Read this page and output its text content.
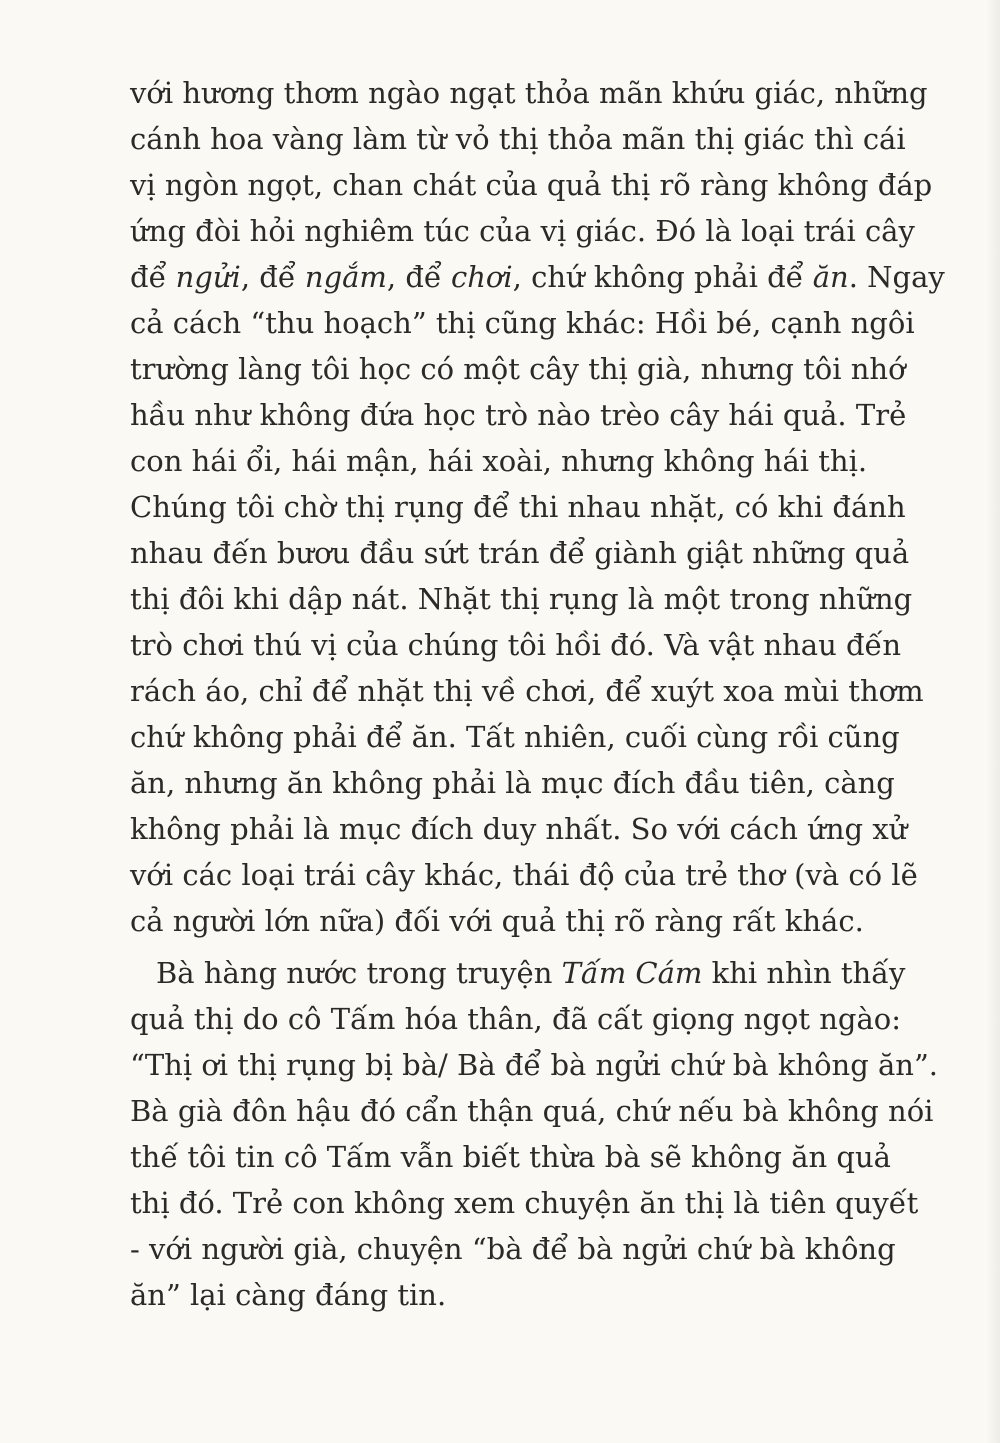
với hương thơm ngào ngạt thỏa mãn khứu giác, những
cánh hoa vàng làm từ vỏ thị thỏa mãn thị giác thì cái
vị ngòn ngọt, chan chát của quả thị rõ ràng không đáp
ứng đòi hỏi nghiêm túc của vị giác. Đó là loại trái cây
để ngửi, để ngắm, để chơi, chứ không phải để ăn. Ngay
cả cách “thu hoạch” thị cũng khác: Hồi bé, cạnh ngôi
trường làng tôi học có một cây thị già, nhưng tôi nhớ
hầu như không đứa học trò nào trèo cây hái quả. Trẻ
con hái ổi, hái mận, hái xoài, nhưng không hái thị.
Chúng tôi chờ thị rụng để thi nhau nhặt, có khi đánh
nhau đến bươu đầu sứt trán để giành giật những quả
thị đôi khi dập nát. Nhặt thị rụng là một trong những
trò chơi thú vị của chúng tôi hồi đó. Và vật nhau đến
rách áo, chỉ để nhặt thị về chơi, để xuýt xoa mùi thơm
chứ không phải để ăn. Tất nhiên, cuối cùng rồi cũng
ăn, nhưng ăn không phải là mục đích đầu tiên, càng
không phải là mục đích duy nhất. So với cách ứng xử
với các loại trái cây khác, thái độ của trẻ thơ (và có lẽ
cả người lớn nữa) đối với quả thị rõ ràng rất khác.
Bà hàng nước trong truyện Tấm Cám khi nhìn thấy
quả thị do cô Tấm hóa thân, đã cất giọng ngọt ngào:
“Thị ơi thị rụng bị bà/ Bà để bà ngửi chứ bà không ăn”.
Bà già đôn hậu đó cẩn thận quá, chứ nếu bà không nói
thế tôi tin cô Tấm vẫn biết thừa bà sẽ không ăn quả
thị đó. Trẻ con không xem chuyện ăn thị là tiên quyết
- với người già, chuyện “bà để bà ngửi chứ bà không
ăn” lại càng đáng tin.
